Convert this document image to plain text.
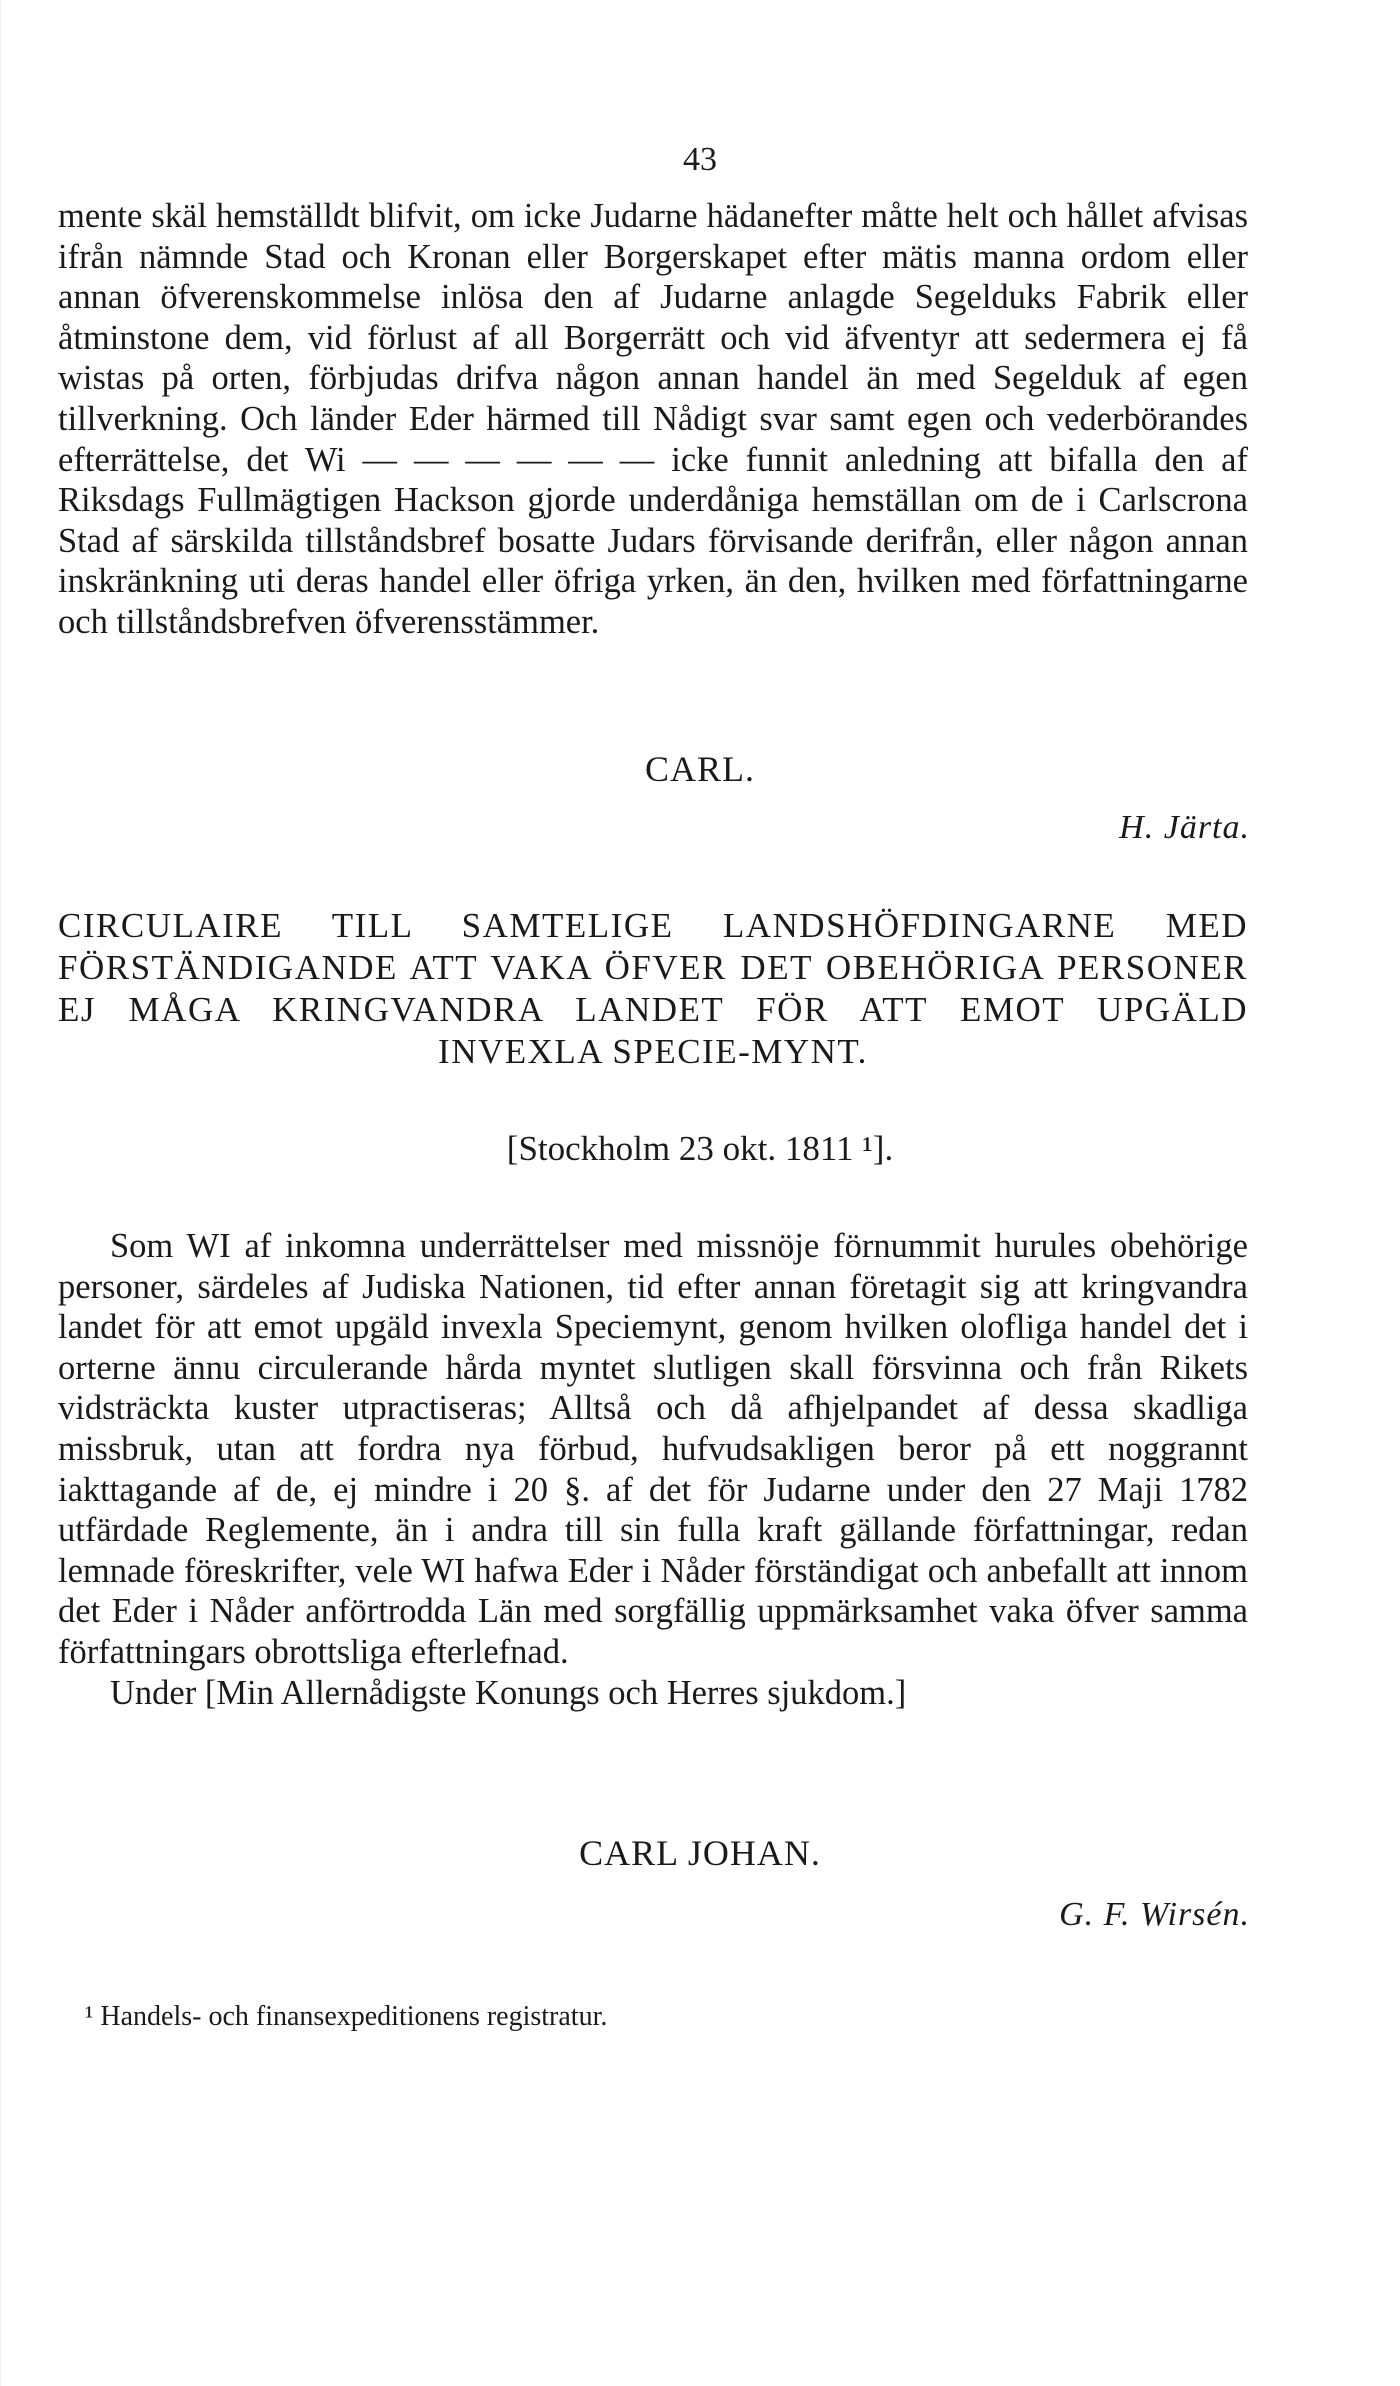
43

mente skäl hemställdt blifvit, om icke Judarne hädanefter måtte helt och hållet afvisas ifrån nämnde Stad och Kronan eller Borgerskapet efter mätis manna ordom eller annan öfverenskommelse inlösa den af Judarne anlagde Segelduks Fabrik eller åtminstone dem, vid förlust af all Borgerrätt och vid äfventyr att sedermera ej få wistas på orten, förbjudas drifva någon annan handel än med Segelduk af egen tillverkning. Och länder Eder härmed till Nådigt svar samt egen och vederbörandes efterrättelse, det Wi — — — — — — icke funnit anledning att bifalla den af Riksdags Fullmägtigen Hackson gjorde underdåniga hemställan om de i Carlscrona Stad af särskilda tillståndsbref bosatte Judars förvisande derifrån, eller någon annan inskränkning uti deras handel eller öfriga yrken, än den, hvilken med författningarne och tillståndsbrefven öfverensstämmer.

CARL.
H. Järta.

CIRCULAIRE TILL SAMTELIGE LANDSHÖFDINGARNE MED FÖRSTÄNDIGANDE ATT VAKA ÖFVER DET OBEHÖRIGA PERSONER EJ MÅGA KRINGVANDRA LANDET FÖR ATT EMOT UPGÄLD INVEXLA SPECIE-MYNT.

[Stockholm 23 okt. 1811 ¹].

Som WI af inkomna underrättelser med missnöje förnummit hurules obehörige personer, särdeles af Judiska Nationen, tid efter annan företagit sig att kringvandra landet för att emot upgäld invexla Speciemynt, genom hvilken olofliga handel det i orterne ännu circulerande hårda myntet slutligen skall försvinna och från Rikets vidsträckta kuster utpractiseras; Alltså och då afhjelpandet af dessa skadliga missbruk, utan att fordra nya förbud, hufvudsakligen beror på ett noggrannt iakttagande af de, ej mindre i 20 §. af det för Judarne under den 27 Maji 1782 utfärdade Reglemente, än i andra till sin fulla kraft gällande författningar, redan lemnade föreskrifter, vele WI hafwa Eder i Nåder förständigat och anbefallt att innom det Eder i Nåder anförtrodda Län med sorgfällig uppmärksamhet vaka öfver samma författningars obrottsliga efterlefnad.

Under [Min Allernådigste Konungs och Herres sjukdom.]

CARL JOHAN.
G. F. Wirsén.
¹ Handels- och finansexpeditionens registratur.
